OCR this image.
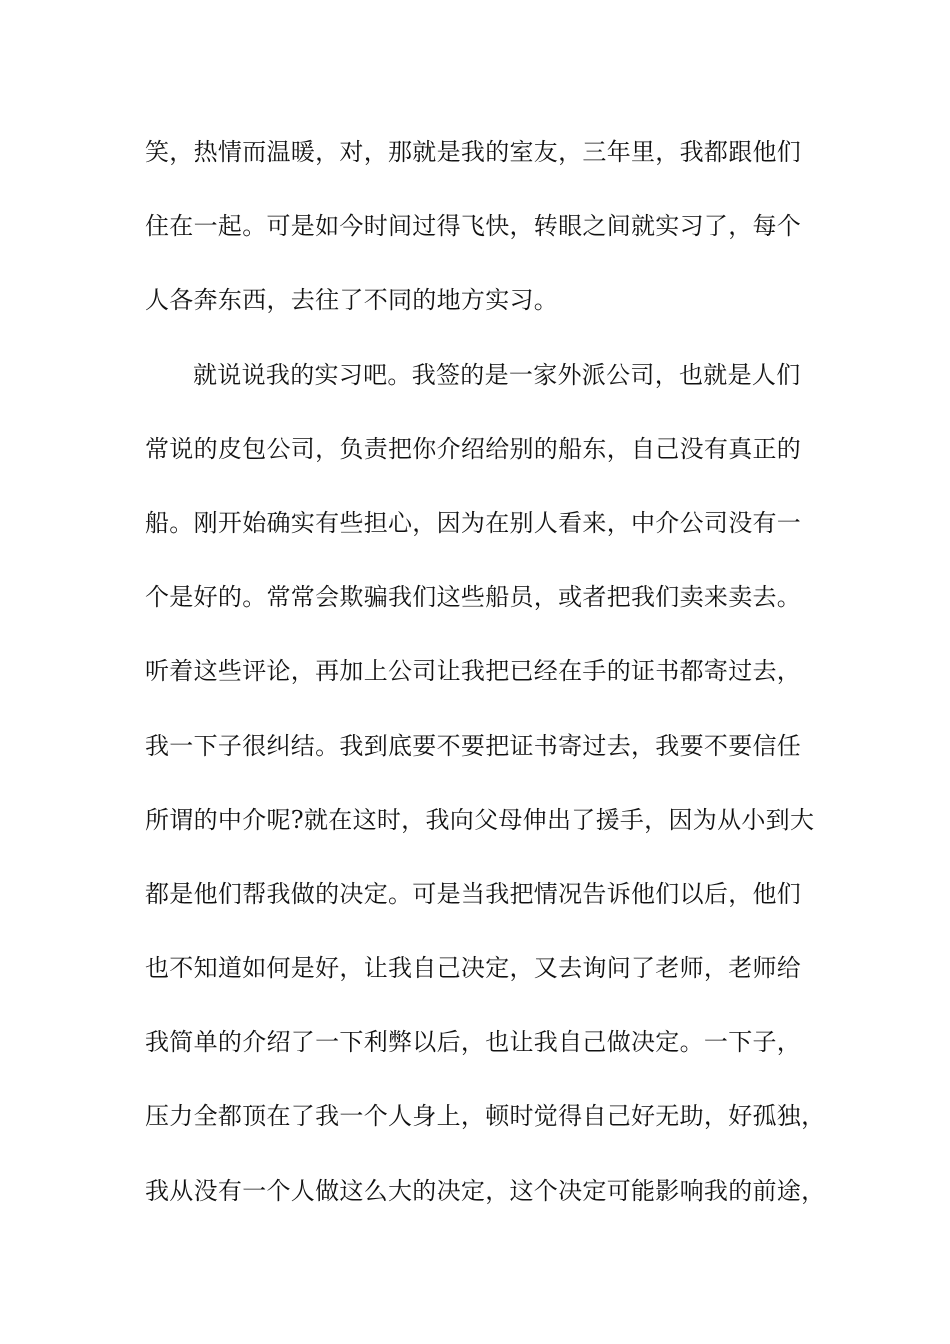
笑，热情而温暖，对，那就是我的室友，三年里，我都跟他们
住在一起。可是如今时间过得飞快，转眼之间就实习了，每个
人各奔东西，去往了不同的地方实习。
就说说我的实习吧。我签的是一家外派公司，也就是人们
常说的皮包公司，负责把你介绍给别的船东，自己没有真正的
船。刚开始确实有些担心，因为在别人看来，中介公司没有一
个是好的。常常会欺骗我们这些船员，或者把我们卖来卖去。
听着这些评论，再加上公司让我把已经在手的证书都寄过去，
我一下子很纠结。我到底要不要把证书寄过去，我要不要信任
所谓的中介呢?就在这时，我向父母伸出了援手，因为从小到大
都是他们帮我做的决定。可是当我把情况告诉他们以后，他们
也不知道如何是好，让我自己决定，又去询问了老师，老师给
我简单的介绍了一下利弊以后，也让我自己做决定。一下子，
压力全都顶在了我一个人身上，顿时觉得自己好无助，好孤独，
我从没有一个人做这么大的决定，这个决定可能影响我的前途，
